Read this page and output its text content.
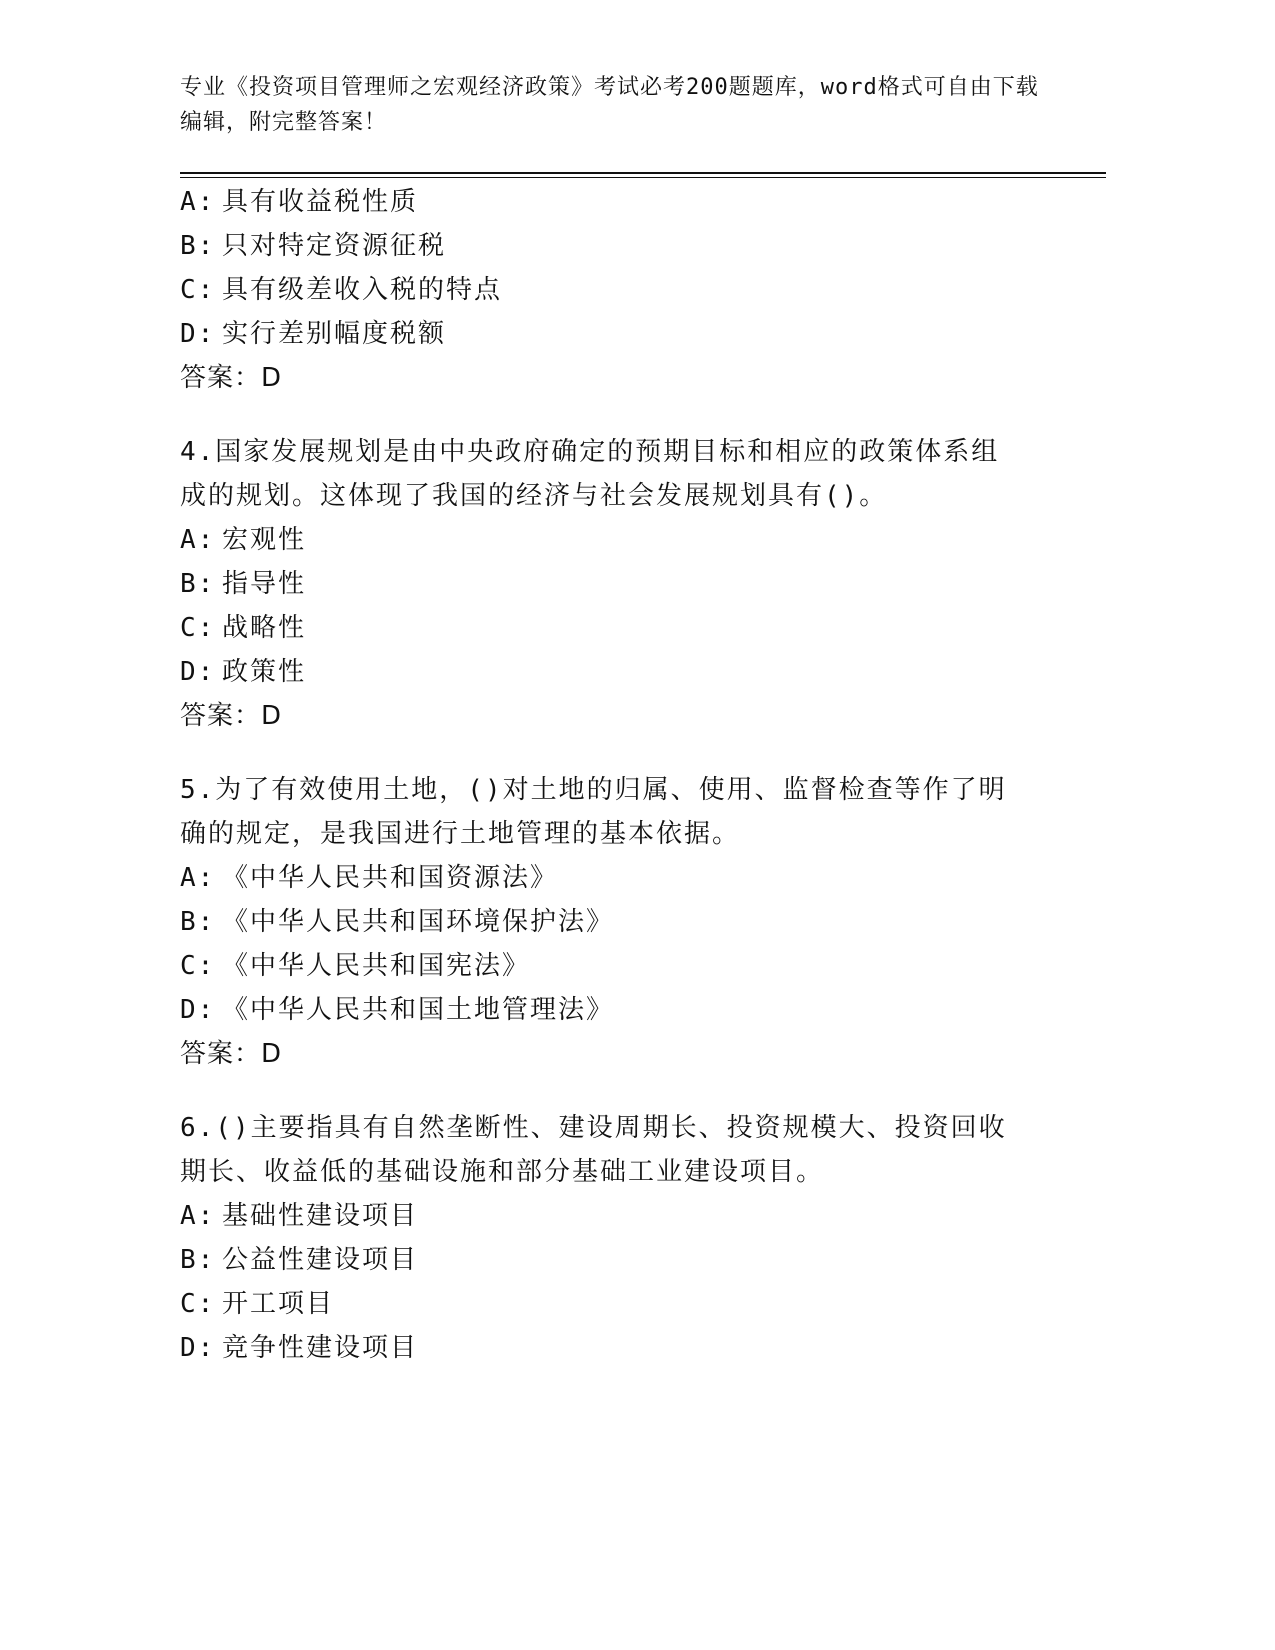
专业《投资项目管理师之宏观经济政策》考试必考200题题库，word格式可自由下载编辑，附完整答案！
A: 具有收益税性质
B: 只对特定资源征税
C: 具有级差收入税的特点
D: 实行差别幅度税额
答案：D
4.国家发展规划是由中央政府确定的预期目标和相应的政策体系组成的规划。这体现了我国的经济与社会发展规划具有()。
A: 宏观性
B: 指导性
C: 战略性
D: 政策性
答案：D
5.为了有效使用土地，()对土地的归属、使用、监督检查等作了明确的规定，是我国进行土地管理的基本依据。
A: 《中华人民共和国资源法》
B: 《中华人民共和国环境保护法》
C: 《中华人民共和国宪法》
D: 《中华人民共和国土地管理法》
答案：D
6.()主要指具有自然垄断性、建设周期长、投资规模大、投资回收期长、收益低的基础设施和部分基础工业建设项目。
A: 基础性建设项目
B: 公益性建设项目
C: 开工项目
D: 竞争性建设项目
